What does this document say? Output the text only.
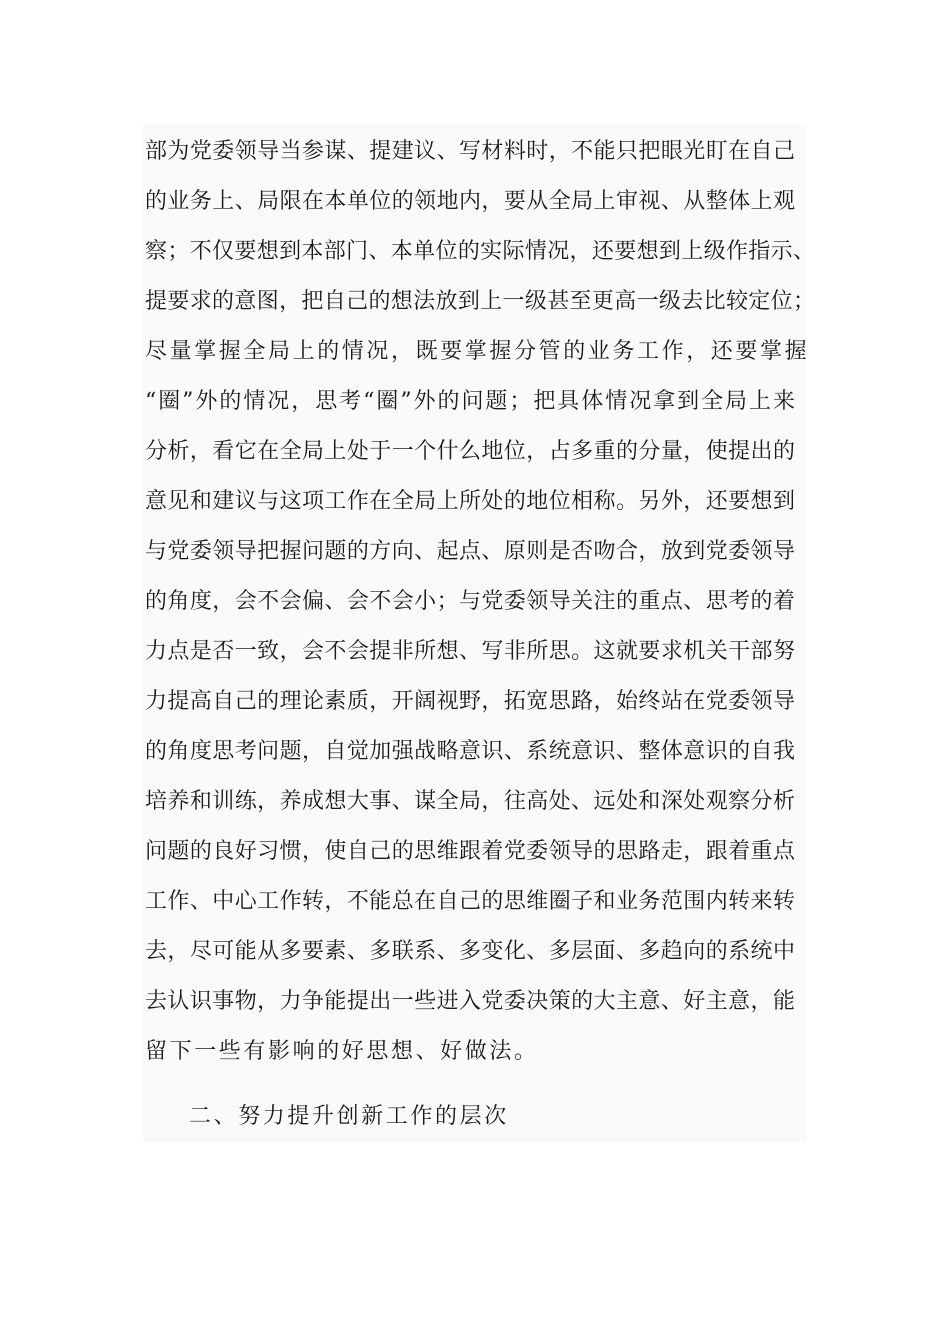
部为党委领导当参谋、提建议、写材料时，不能只把眼光盯在自己
的业务上、局限在本单位的领地内，要从全局上审视、从整体上观
察；不仅要想到本部门、本单位的实际情况，还要想到上级作指示、
提要求的意图，把自己的想法放到上一级甚至更高一级去比较定位；
尽量掌握全局上的情况，既要掌握分管的业务工作，还要掌握
“圈”外的情况，思考“圈”外的问题；把具体情况拿到全局上来
分析，看它在全局上处于一个什么地位，占多重的分量，使提出的
意见和建议与这项工作在全局上所处的地位相称。另外，还要想到
与党委领导把握问题的方向、起点、原则是否吻合，放到党委领导
的角度，会不会偏、会不会小；与党委领导关注的重点、思考的着
力点是否一致，会不会提非所想、写非所思。这就要求机关干部努
力提高自己的理论素质，开阔视野，拓宽思路，始终站在党委领导
的角度思考问题，自觉加强战略意识、系统意识、整体意识的自我
培养和训练，养成想大事、谋全局，往高处、远处和深处观察分析
问题的良好习惯，使自己的思维跟着党委领导的思路走，跟着重点
工作、中心工作转，不能总在自己的思维圈子和业务范围内转来转
去，尽可能从多要素、多联系、多变化、多层面、多趋向的系统中
去认识事物，力争能提出一些进入党委决策的大主意、好主意，能
留下一些有影响的好思想、好做法。
二、努力提升创新工作的层次
